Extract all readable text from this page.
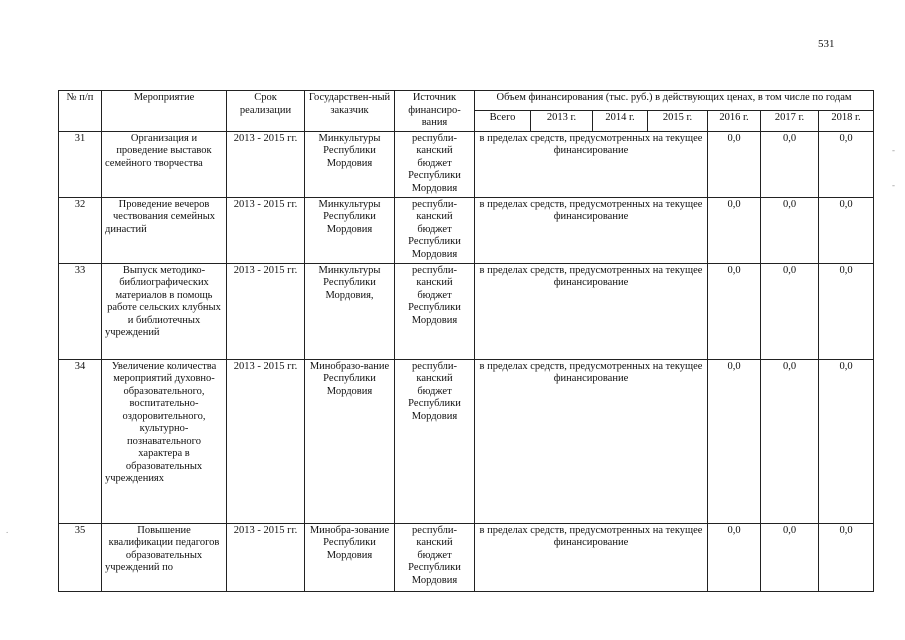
531
№ п/п	Мероприятие	Срок реализации	Государствен-ный заказчик	Источник финансиро-вания	Объем финансирования (тыс. руб.) в действующих ценах, в том числе по годам						
					Всего	2013 г.	2014 г.	2015 г.	2016 г.	2017 г.	2018 г.
31	Организация и проведение выставок семейного творчества	2013 - 2015 гг.	Минкультуры Республики Мордовия	республи-канский бюджет Республики Мордовия	в пределах средств, предусмотренных на текущее финансирование				0,0	0,0	0,0
32	Проведение вечеров чествования семейных династий	2013 - 2015 гг.	Минкультуры Республики Мордовия	республи-канский бюджет Республики Мордовия	в пределах средств, предусмотренных на текущее финансирование				0,0	0,0	0,0
33	Выпуск методико-библиографических материалов в помощь работе сельских клубных и библиотечных учреждений	2013 - 2015 гг.	Минкультуры Республики Мордовия,	республи-канский бюджет Республики Мордовия	в пределах средств, предусмотренных на текущее финансирование				0,0	0,0	0,0
34	Увеличение количества мероприятий духовно-образовательного, воспитательно-оздоровительного, культурно-познавательного характера в образовательных учреждениях	2013 - 2015 гг.	Минобразо-вание Республики Мордовия	республи-канский бюджет Республики Мордовия	в пределах средств, предусмотренных на текущее финансирование				0,0	0,0	0,0
35	Повышение квалификации педагогов образовательных учреждений по	2013 - 2015 гг.	Минобра-зование Республики Мордовия	республи-канский бюджет Республики Мордовия	в пределах средств, предусмотренных на текущее финансирование				0,0	0,0	0,0
-
-
.
